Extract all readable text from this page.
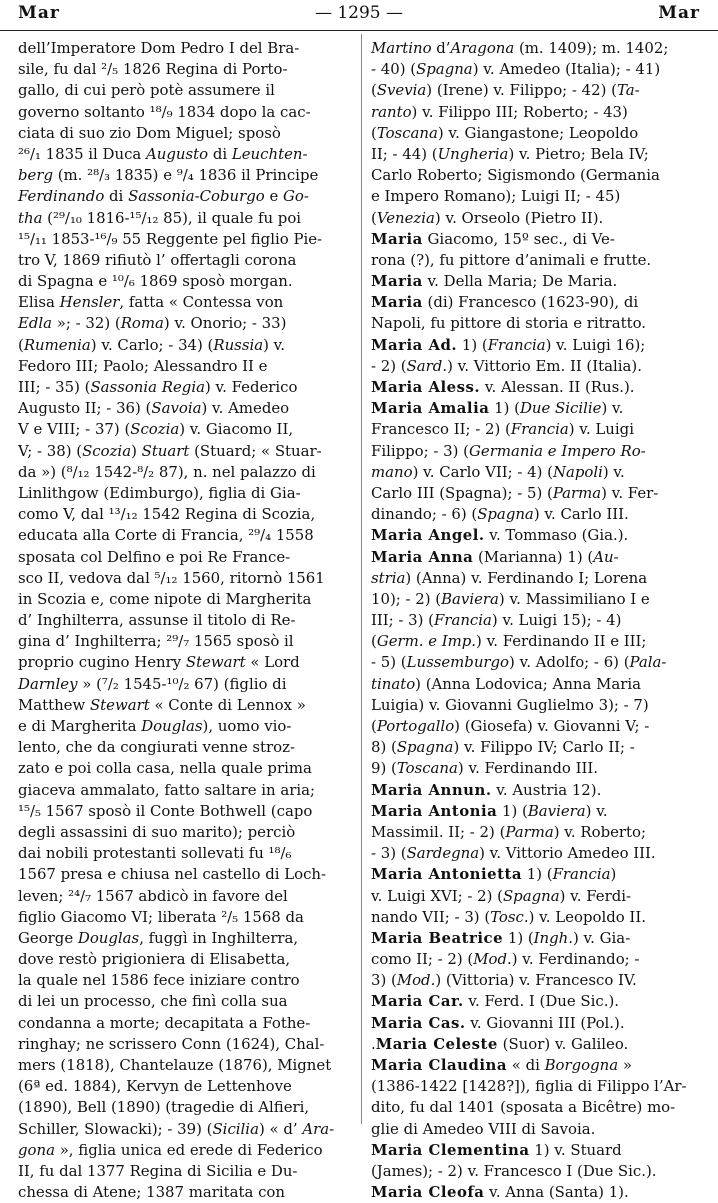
Mar	— 1295 —	Mar
dell’Imperatore Dom Pedro I del Bra-
sile, fu dal ²/₅ 1826 Regina di Porto-
gallo, di cui però potè assumere il
governo soltanto ¹⁸/₉ 1834 dopo la cac-
ciata di suo zio Dom Miguel; sposò
²⁶/₁ 1835 il Duca Augusto di Leuchten-
berg (m. ²⁸/₃ 1835) e ⁹/₄ 1836 il Principe
Ferdinando di Sassonia-Coburgo e Go-
tha (²⁹/₁₀ 1816-¹⁵/₁₂ 85), il quale fu poi
¹⁵/₁₁ 1853-¹⁶/₉ 55 Reggente pel figlio Pie-
tro V, 1869 rifiutò l’ offertagli corona
di Spagna e ¹⁰/₆ 1869 sposò morgan.
Elisa Hensler, fatta « Contessa von
Edla »; - 32) (Roma) v. Onorio; - 33)
(Rumenia) v. Carlo; - 34) (Russia) v.
Fedoro III; Paolo; Alessandro II e
III; - 35) (Sassonia Regia) v. Federico
Augusto II; - 36) (Savoia) v. Amedeo
V e VIII; - 37) (Scozia) v. Giacomo II,
V; - 38) (Scozia) Stuart (Stuard; « Stuar-
da ») (⁸/₁₂ 1542-⁸/₂ 87), n. nel palazzo di
Linlithgow (Edimburgo), figlia di Gia-
como V, dal ¹³/₁₂ 1542 Regina di Scozia,
educata alla Corte di Francia, ²⁹/₄ 1558
sposata col Delfino e poi Re France-
sco II, vedova dal ⁵/₁₂ 1560, ritornò 1561
in Scozia e, come nipote di Margherita
d’ Inghilterra, assunse il titolo di Re-
gina d’ Inghilterra; ²⁹/₇ 1565 sposò il
proprio cugino Henry Stewart « Lord
Darnley » (⁷/₂ 1545-¹⁰/₂ 67) (figlio di
Matthew Stewart « Conte di Lennox »
e di Margherita Douglas), uomo vio-
lento, che da congiurati venne stroz-
zato e poi colla casa, nella quale prima
giaceva ammalato, fatto saltare in aria;
¹⁵/₅ 1567 sposò il Conte Bothwell (capo
degli assassini di suo marito); perciò
dai nobili protestanti sollevati fu ¹⁸/₆
1567 presa e chiusa nel castello di Loch-
leven; ²⁴/₇ 1567 abdicò in favore del
figlio Giacomo VI; liberata ²/₅ 1568 da
George Douglas, fuggì in Inghilterra,
dove restò prigioniera di Elisabetta,
la quale nel 1586 fece iniziare contro
di lei un processo, che finì colla sua
condanna a morte; decapitata a Fothe-
ringhay; ne scrissero Conn (1624), Chal-
mers (1818), Chantelauze (1876), Mignet
(6ª ed. 1884), Kervyn de Lettenhove
(1890), Bell (1890) (tragedie di Alfieri,
Schiller, Slowacki); - 39) (Sicilia) « d’ Ara-
gona », figlia unica ed erede di Federico
II, fu dal 1377 Regina di Sicilia e Du-
chessa di Atene; 1387 maritata con
Martino d’Aragona (m. 1409); m. 1402;
- 40) (Spagna) v. Amedeo (Italia); - 41)
(Svevia) (Irene) v. Filippo; - 42) (Ta-
ranto) v. Filippo III; Roberto; - 43)
(Toscana) v. Giangastone; Leopoldo
II; - 44) (Ungheria) v. Pietro; Bela IV;
Carlo Roberto; Sigismondo (Germania
e Impero Romano); Luigi II; - 45)
(Venezia) v. Orseolo (Pietro II).
Maria Giacomo, 15º sec., di Ve-
rona (?), fu pittore d’animali e frutte.
Maria v. Della Maria; De Maria.
Maria (di) Francesco (1623-90), di
Napoli, fu pittore di storia e ritratto.
Maria Ad. 1) (Francia) v. Luigi 16);
- 2) (Sard.) v. Vittorio Em. II (Italia).
Maria Aless. v. Alessan. II (Rus.).
Maria Amalia 1) (Due Sicilie) v.
Francesco II; - 2) (Francia) v. Luigi
Filippo; - 3) (Germania e Impero Ro-
mano) v. Carlo VII; - 4) (Napoli) v.
Carlo III (Spagna); - 5) (Parma) v. Fer-
dinando; - 6) (Spagna) v. Carlo III.
Maria Angel. v. Tommaso (Gia.).
Maria Anna (Marianna) 1) (Au-
stria) (Anna) v. Ferdinando I; Lorena
10); - 2) (Baviera) v. Massimiliano I e
III; - 3) (Francia) v. Luigi 15); - 4)
(Germ. e Imp.) v. Ferdinando II e III;
- 5) (Lussemburgo) v. Adolfo; - 6) (Pala-
tinato) (Anna Lodovica; Anna Maria
Luigia) v. Giovanni Guglielmo 3); - 7)
(Portogallo) (Giosefa) v. Giovanni V; -
8) (Spagna) v. Filippo IV; Carlo II; -
9) (Toscana) v. Ferdinando III.
Maria Annun. v. Austria 12).
Maria Antonia 1) (Baviera) v.
Massimil. II; - 2) (Parma) v. Roberto;
- 3) (Sardegna) v. Vittorio Amedeo III.
Maria Antonietta 1) (Francia)
v. Luigi XVI; - 2) (Spagna) v. Ferdi-
nando VII; - 3) (Tosc.) v. Leopoldo II.
Maria Beatrice 1) (Ingh.) v. Gia-
como II; - 2) (Mod.) v. Ferdinando; -
3) (Mod.) (Vittoria) v. Francesco IV.
Maria Car. v. Ferd. I (Due Sic.).
Maria Cas. v. Giovanni III (Pol.).
.Maria Celeste (Suor) v. Galileo.
Maria Claudina « di Borgogna »
(1386-1422 [1428?]), figlia di Filippo l’Ar-
dito, fu dal 1401 (sposata a Bicêtre) mo-
glie di Amedeo VIII di Savoia.
Maria Clementina 1) v. Stuard
(James); - 2) v. Francesco I (Due Sic.).
Maria Cleofa v. Anna (Santa) 1).
